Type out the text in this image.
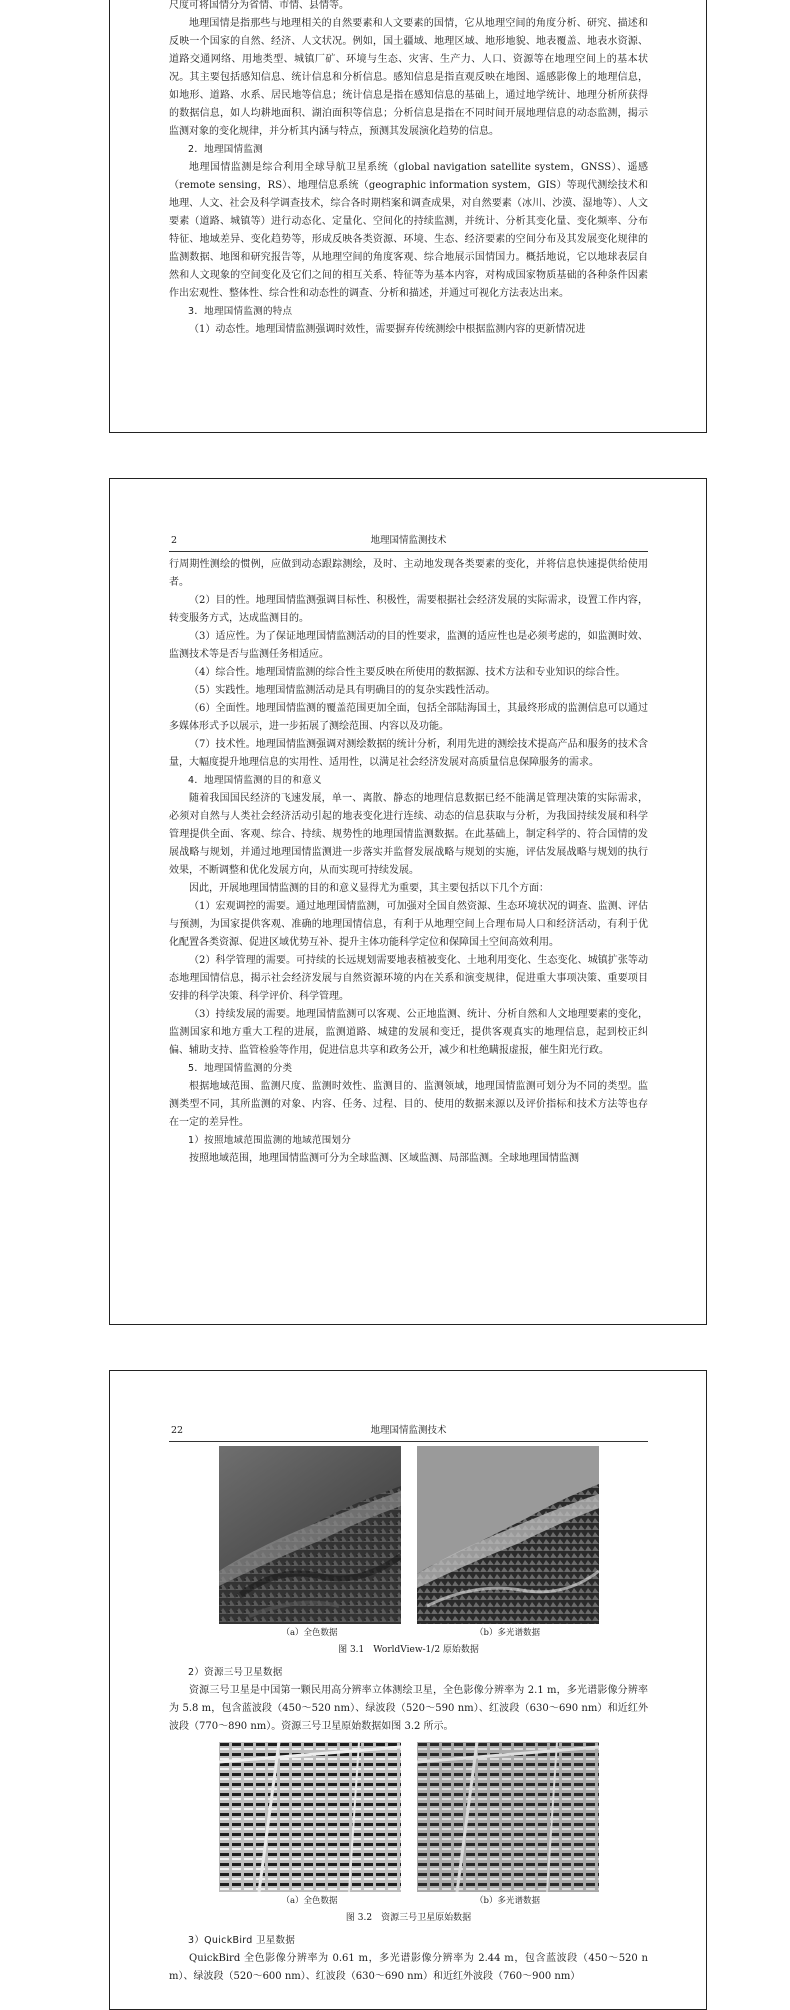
尺度可将国情分为省情、市情、县情等。

地理国情是指那些与地理相关的自然要素和人文要素的国情，它从地理空间的角度分析、研究、描述和反映一个国家的自然、经济、人文状况。例如，国土疆域、地理区域、地形地貌、地表覆盖、地表水资源、道路交通网络、用地类型、城镇厂矿、环境与生态、灾害、生产力、人口、资源等在地理空间上的基本状况。其主要包括感知信息、统计信息和分析信息。感知信息是指直观反映在地图、遥感影像上的地理信息，如地形、道路、水系、居民地等信息；统计信息是指在感知信息的基础上，通过地学统计、地理分析所获得的数据信息，如人均耕地面积、湖泊面积等信息；分析信息是指在不同时间开展地理信息的动态监测，揭示监测对象的变化规律，并分析其内涵与特点，预测其发展演化趋势的信息。

2．地理国情监测

地理国情监测是综合利用全球导航卫星系统（global navigation satellite system，GNSS）、遥感（remote sensing，RS）、地理信息系统（geographic information system，GIS）等现代测绘技术和地理、人文、社会及科学调查技术，综合各时期档案和调查成果，对自然要素（冰川、沙漠、湿地等）、人文要素（道路、城镇等）进行动态化、定量化、空间化的持续监测，并统计、分析其变化量、变化频率、分布特征、地域差异、变化趋势等，形成反映各类资源、环境、生态、经济要素的空间分布及其发展变化规律的监测数据、地图和研究报告等，从地理空间的角度客观、综合地展示国情国力。概括地说，它以地球表层自然和人文现象的空间变化及它们之间的相互关系、特征等为基本内容，对构成国家物质基础的各种条件因素作出宏观性、整体性、综合性和动态性的调查、分析和描述，并通过可视化方法表达出来。

3．地理国情监测的特点

（1）动态性。地理国情监测强调时效性，需要摒弃传统测绘中根据监测内容的更新情况进

2	地理国情监测技术

行周期性测绘的惯例，应做到动态跟踪测绘，及时、主动地发现各类要素的变化，并将信息快速提供给使用者。

（2）目的性。地理国情监测强调目标性、积极性，需要根据社会经济发展的实际需求，设置工作内容，转变服务方式，达成监测目的。

（3）适应性。为了保证地理国情监测活动的目的性要求，监测的适应性也是必须考虑的，如监测时效、监测技术等是否与监测任务相适应。

（4）综合性。地理国情监测的综合性主要反映在所使用的数据源、技术方法和专业知识的综合性。

（5）实践性。地理国情监测活动是具有明确目的的复杂实践性活动。

（6）全面性。地理国情监测的覆盖范围更加全面，包括全部陆海国土，其最终形成的监测信息可以通过多媒体形式予以展示，进一步拓展了测绘范围、内容以及功能。

（7）技术性。地理国情监测强调对测绘数据的统计分析，利用先进的测绘技术提高产品和服务的技术含量，大幅度提升地理信息的实用性、适用性，以满足社会经济发展对高质量信息保障服务的需求。

4．地理国情监测的目的和意义

随着我国国民经济的飞速发展，单一、离散、静态的地理信息数据已经不能满足管理决策的实际需求，必须对自然与人类社会经济活动引起的地表变化进行连续、动态的信息获取与分析，为我国持续发展和科学管理提供全面、客观、综合、持续、规势性的地理国情监测数据。在此基础上，制定科学的、符合国情的发展战略与规划，并通过地理国情监测进一步落实并监督发展战略与规划的实施，评估发展战略与规划的执行效果，不断调整和优化发展方向，从而实现可持续发展。

因此，开展地理国情监测的目的和意义显得尤为重要，其主要包括以下几个方面：

（1）宏观调控的需要。通过地理国情监测，可加强对全国自然资源、生态环境状况的调查、监测、评估与预测，为国家提供客观、准确的地理国情信息，有利于从地理空间上合理布局人口和经济活动，有利于优化配置各类资源、促进区域优势互补、提升主体功能科学定位和保障国土空间高效利用。

（2）科学管理的需要。可持续的长远规划需要地表植被变化、土地利用变化、生态变化、城镇扩张等动态地理国情信息，揭示社会经济发展与自然资源环境的内在关系和演变规律，促进重大事项决策、重要项目安排的科学决策、科学评价、科学管理。

（3）持续发展的需要。地理国情监测可以客观、公正地监测、统计、分析自然和人文地理要素的变化，监测国家和地方重大工程的进展，监测道路、城建的发展和变迁，提供客观真实的地理信息，起到校正纠偏、辅助支持、监管检验等作用，促进信息共享和政务公开，减少和杜绝瞒报虚报，催生阳光行政。

5．地理国情监测的分类

根据地域范围、监测尺度、监测时效性、监测目的、监测领域，地理国情监测可划分为不同的类型。监测类型不同，其所监测的对象、内容、任务、过程、目的、使用的数据来源以及评价指标和技术方法等也存在一定的差异性。

1）按照地域范围监测的地域范围划分

按照地域范围，地理国情监测可分为全球监测、区域监测、局部监测。全球地理国情监测

22	地理国情监测技术
（a）全色数据	（b）多光谱数据
图 3.1　WorldView-1/2 原始数据

2）资源三号卫星数据

资源三号卫星是中国第一颗民用高分辨率立体测绘卫星，全色影像分辨率为 2.1 m，多光谱影像分辨率为 5.8 m，包含蓝波段（450～520 nm）、绿波段（520～590 nm）、红波段（630～690 nm）和近红外波段（770～890 nm）。资源三号卫星原始数据如图 3.2 所示。

（a）全色数据	（b）多光谱数据
图 3.2　资源三号卫星原始数据

3）QuickBird 卫星数据

QuickBird 全色影像分辨率为 0.61 m，多光谱影像分辨率为 2.44 m，包含蓝波段（450～520 nm）、绿波段（520～600 nm）、红波段（630～690 nm）和近红外波段（760～900 nm）
